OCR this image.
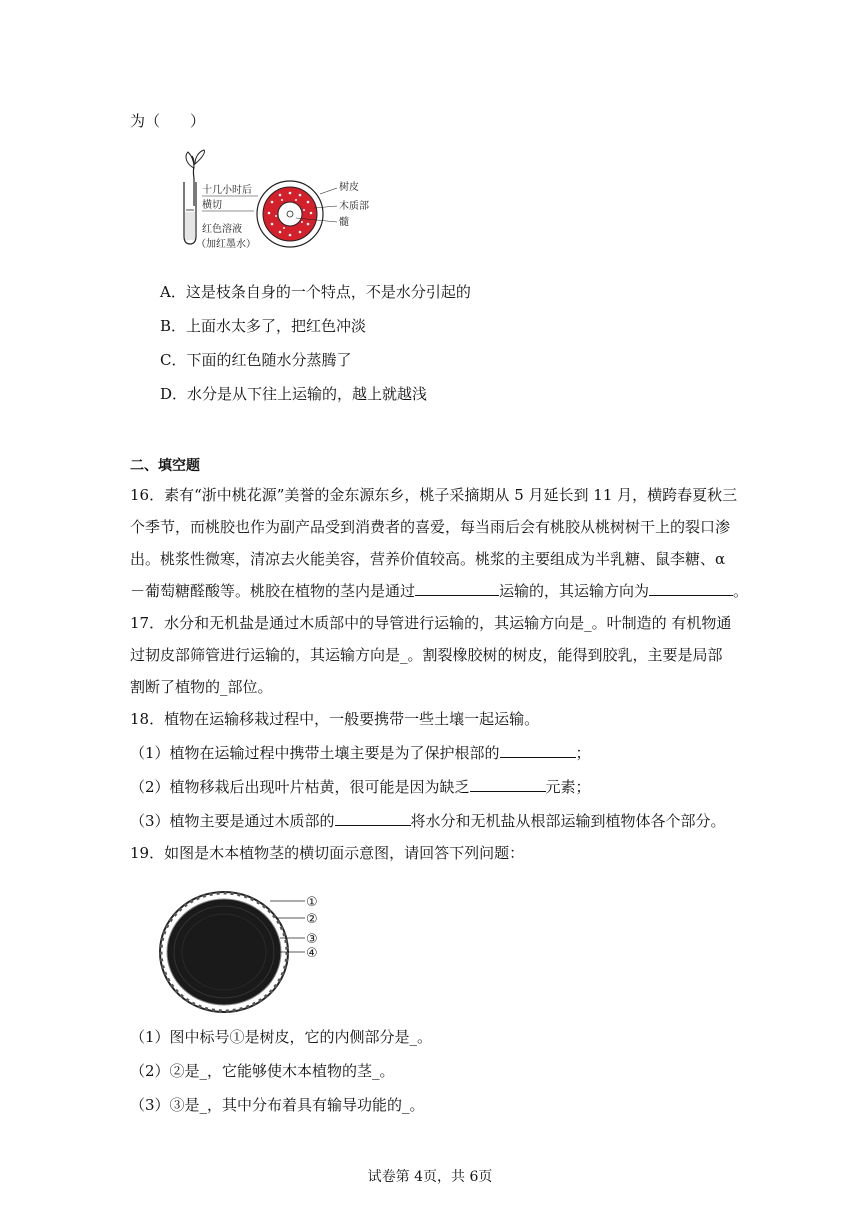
为（　　）
十几小时后
横切
红色溶液
（加红墨水）
树皮
木质部
髓
A．这是枝条自身的一个特点，不是水分引起的
B．上面水太多了，把红色冲淡
C．下面的红色随水分蒸腾了
D．水分是从下往上运输的，越上就越浅
二、填空题
16．素有“浙中桃花源”美誉的金东源东乡，桃子采摘期从 5 月延长到 11 月，横跨春夏秋三
个季节，而桃胶也作为副产品受到消费者的喜爱，每当雨后会有桃胶从桃树树干上的裂口渗
出。桃浆性微寒，清凉去火能美容，营养价值较高。桃浆的主要组成为半乳糖、鼠李糖、α
－葡萄糖醛酸等。桃胶在植物的茎内是通过	运输的，其运输方向为	。
17．水分和无机盐是通过木质部中的导管进行运输的，其运输方向是_。叶制造的 有机物通
过韧皮部筛管进行运输的，其运输方向是_。割裂橡胶树的树皮，能得到胶乳，主要是局部
割断了植物的_部位。
18．植物在运输移栽过程中，一般要携带一些土壤一起运输。
（1）植物在运输过程中携带土壤主要是为了保护根部的	；
（2）植物移栽后出现叶片枯黄，很可能是因为缺乏	元素；
（3）植物主要是通过木质部的	将水分和无机盐从根部运输到植物体各个部分。
19．如图是木本植物茎的横切面示意图，请回答下列问题：
①
②
③
④
（1）图中标号①是树皮，它的内侧部分是_。
（2）②是_，它能够使木本植物的茎_。
（3）③是_，其中分布着具有输导功能的_。
试卷第 4页，共 6页
